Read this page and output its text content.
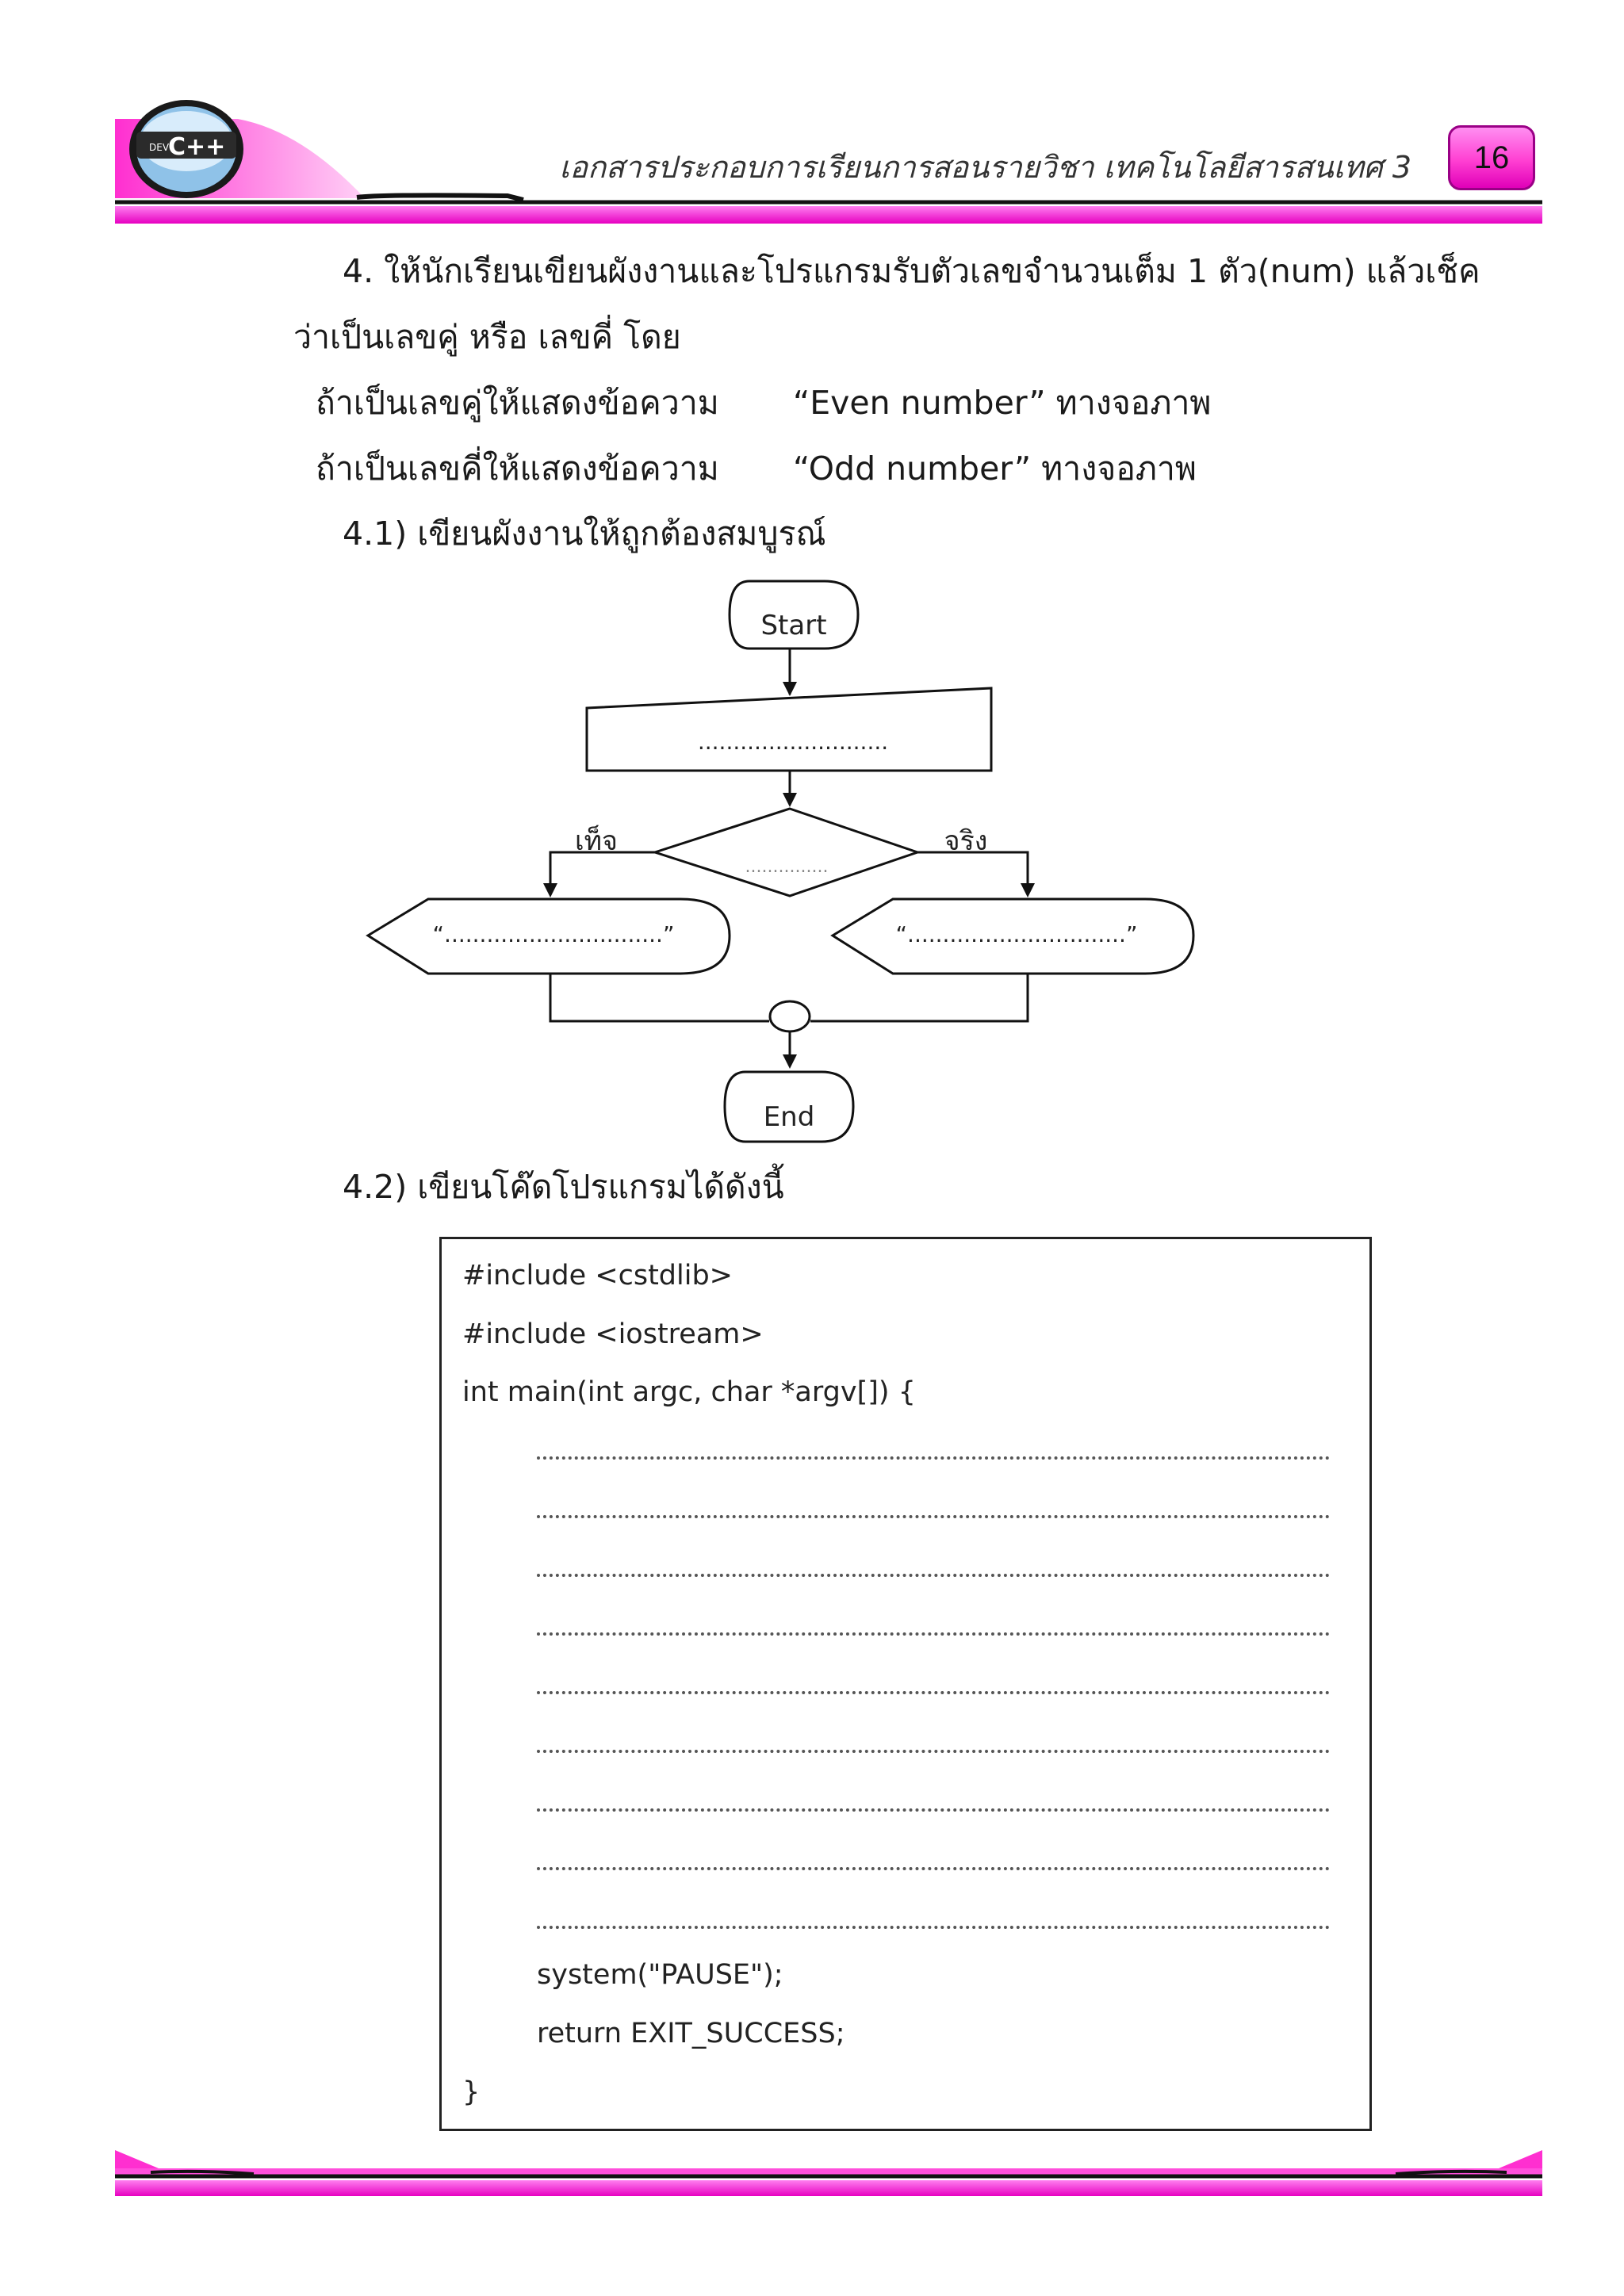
DEV
C++
เอกสารประกอบการเรียนการสอนรายวิชา เทคโนโลยีสารสนเทศ 3	16
4. ให้นักเรียนเขียนผังงานและโปรแกรมรับตัวเลขจำนวนเต็ม 1 ตัว(num) แล้วเช็ค
ว่าเป็นเลขคู่ หรือ เลขคี่ โดย
ถ้าเป็นเลขคู่ให้แสดงข้อความ “Even number” ทางจอภาพ
ถ้าเป็นเลขคี่ให้แสดงข้อความ “Odd number” ทางจอภาพ
4.1) เขียนผังงานให้ถูกต้องสมบูรณ์
Start
...........................
...............
เท็จ	จริง
“...............................”	“...............................”
End
4.2) เขียนโค๊ดโปรแกรมได้ดังนี้
#include <cstdlib>
#include <iostream>
int main(int argc, char *argv[]) {
system("PAUSE");
return EXIT_SUCCESS;
}
